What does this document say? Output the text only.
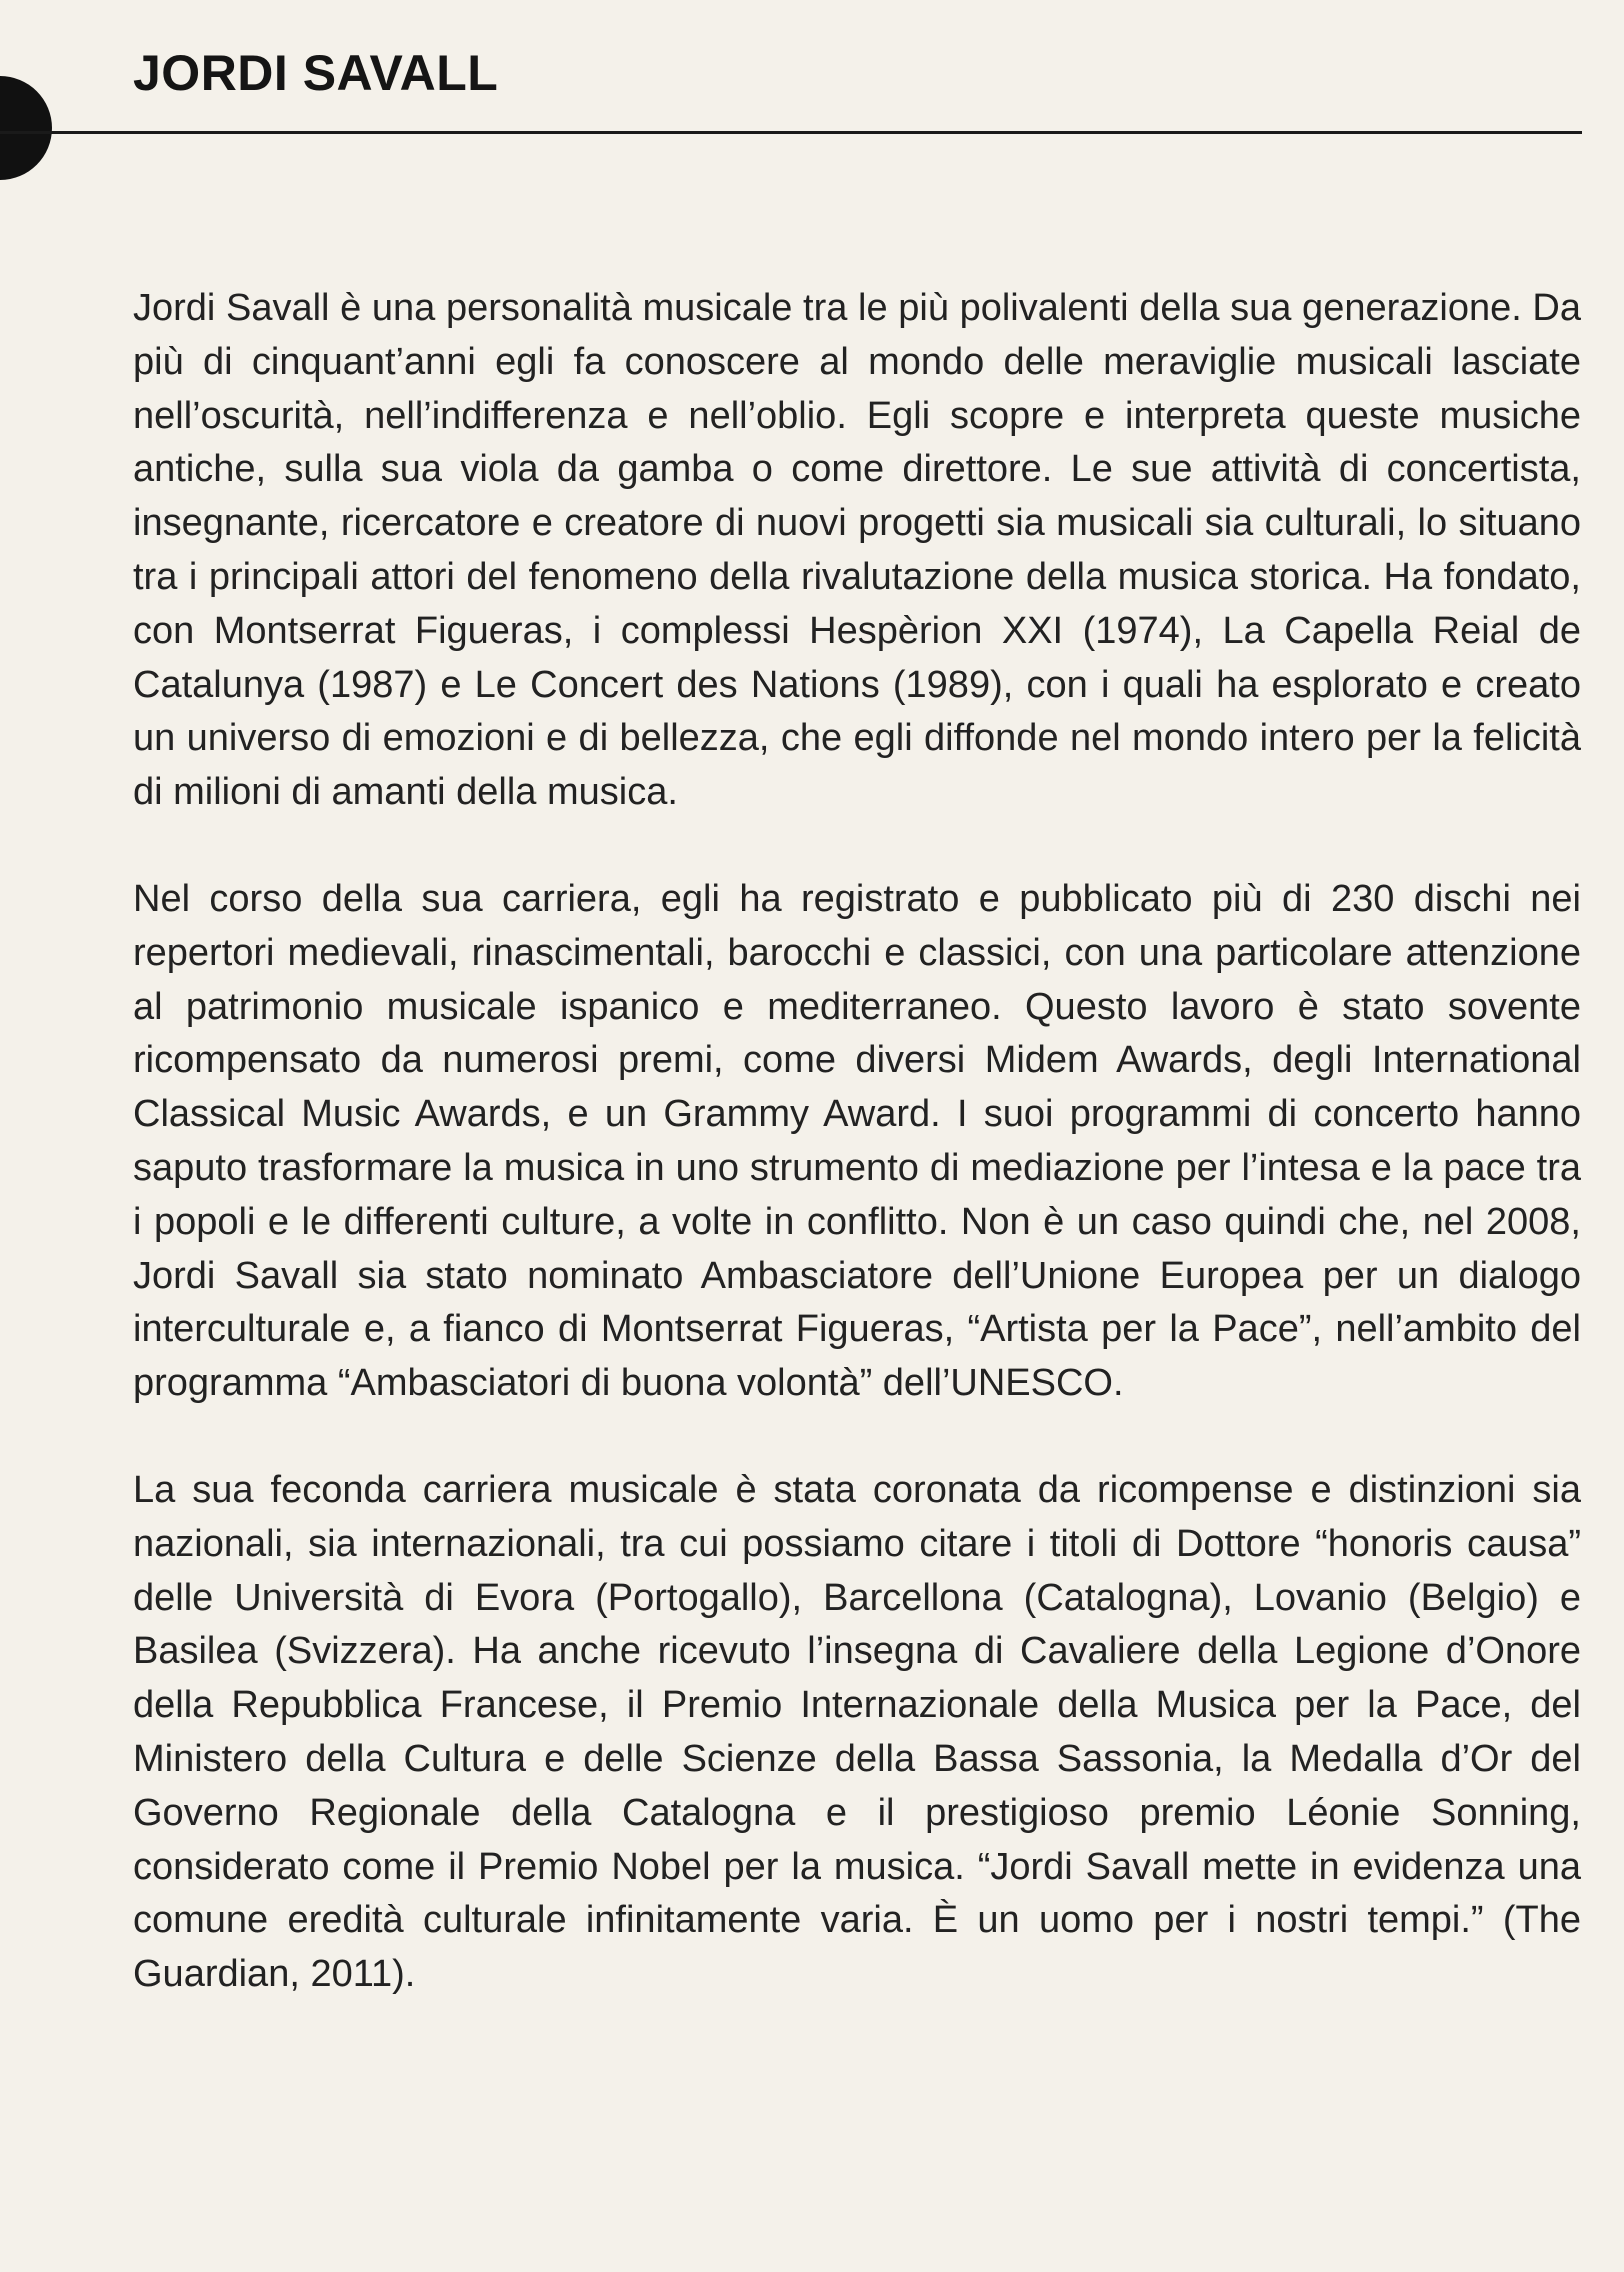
JORDI SAVALL

Jordi Savall è una personalità musicale tra le più polivalenti della sua generazione. Da più di cinquant’anni egli fa conoscere al mondo delle meraviglie musicali lasciate nell’oscurità, nell’indifferenza e nell’oblio. Egli scopre e interpreta queste musiche antiche, sulla sua viola da gamba o come direttore. Le sue attività di concertista, insegnante, ricercatore e creatore di nuovi progetti sia musicali sia culturali, lo situano tra i principali attori del fenomeno della rivalutazione della musica storica. Ha fondato, con Montserrat Figueras, i complessi Hespèrion XXI (1974), La Capella Reial de Catalunya (1987) e Le Concert des Nations (1989), con i quali ha esplorato e creato un universo di emozioni e di bellezza, che egli diffonde nel mondo intero per la felicità di milioni di amanti della musica.

Nel corso della sua carriera, egli ha registrato e pubblicato più di 230 dischi nei repertori medievali, rinascimentali, barocchi e classici, con una particolare attenzione al patrimonio musicale ispanico e mediterraneo. Questo lavoro è stato sovente ricompensato da numerosi premi, come diversi Midem Awards, degli International Classical Music Awards, e un Grammy Award. I suoi programmi di concerto hanno saputo trasformare la musica in uno strumento di mediazione per l’intesa e la pace tra i popoli e le differenti culture, a volte in conflitto. Non è un caso quindi che, nel 2008, Jordi Savall sia stato nominato Ambasciatore dell’Unione Europea per un dialogo interculturale e, a fianco di Montserrat Figueras, “Artista per la Pace”, nell’ambito del programma “Ambasciatori di buona volontà” dell’UNESCO.

La sua feconda carriera musicale è stata coronata da ricompense e distinzioni sia nazionali, sia internazionali, tra cui possiamo citare i titoli di Dottore “honoris causa” delle Università di Evora (Portogallo), Barcellona (Catalogna), Lovanio (Belgio) e Basilea (Svizzera). Ha anche ricevuto l’insegna di Cavaliere della Legione d’Onore della Repubblica Francese, il Premio Internazionale della Musica per la Pace, del Ministero della Cultura e delle Scienze della Bassa Sassonia, la Medalla d’Or del Governo Regionale della Catalogna e il prestigioso premio Léonie Sonning, considerato come il Premio Nobel per la musica. “Jordi Savall mette in evidenza una comune eredità culturale infinitamente varia. È un uomo per i nostri tempi.” (The Guardian, 2011).
